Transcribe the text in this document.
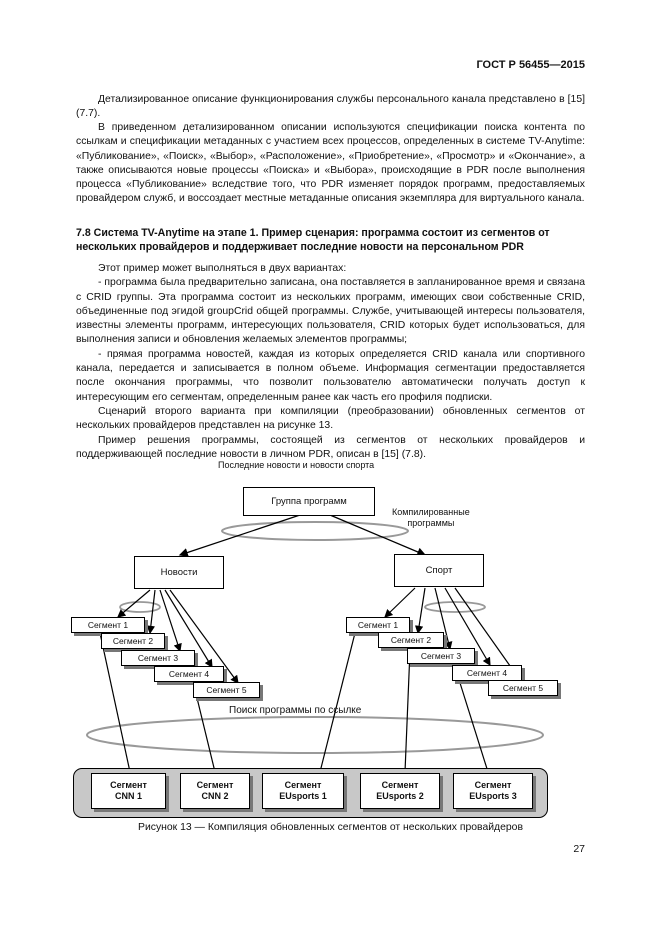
ГОСТ Р 56455—2015

Детализированное описание функционирования службы персонального канала представлено в [15] (7.7).

В приведенном детализированном описании используются спецификации поиска контента по ссылкам и спецификации метаданных с участием всех процессов, определенных в системе TV-Anytime: «Публикование», «Поиск», «Выбор», «Расположение», «Приобретение», «Просмотр» и «Окончание», а также описываются новые процессы «Поиска» и «Выбора», происходящие в PDR после выполнения процесса «Публикование» вследствие того, что PDR изменяет порядок программ, предоставляемых провайдером служб, и воссоздает местные метаданные описания экземпляра для виртуального канала.

7.8 Система TV-Anytime на этапе 1. Пример сценария: программа состоит из сегментов от нескольких провайдеров и поддерживает последние новости на персональном PDR

Этот пример может выполняться в двух вариантах:

- программа была предварительно записана, она поставляется в запланированное время и связана с CRID группы. Эта программа состоит из нескольких программ, имеющих свои собственные CRID, объединенные под эгидой groupCrid общей программы. Службе, учитывающей интересы пользователя, известны элементы программ, интересующих пользователя, CRID которых будет использоваться, для выполнения записи и обновления желаемых элементов программы;

- прямая программа новостей, каждая из которых определяется CRID канала или спортивного канала, передается и записывается в полном объеме. Информация сегментации предоставляется после окончания программы, что позволит пользователю автоматически получать доступ к интересующим его сегментам, определенным ранее как часть его профиля подписки.

Сценарий второго варианта при компиляции (преобразовании) обновленных сегментов от нескольких провайдеров представлен на рисунке 13.

Пример решения программы, состоящей из сегментов от нескольких провайдеров и поддерживающей последние новости в личном PDR, описан в [15] (7.8).

Последние новости и новости спорта
Группа программ
Компилированные
программы
Новости	Спорт
Сегмент 1
Сегмент 2
Сегмент 3
Сегмент 4
Сегмент 5
Сегмент 1
Сегмент 2
Сегмент 3
Сегмент 4
Сегмент 5
Поиск программы по ссылке
Сегмент
CNN 1
Сегмент
CNN 2
Сегмент
EUsports 1
Сегмент
EUsports 2
Сегмент
EUsports 3
Рисунок 13 — Компиляция обновленных сегментов от нескольких провайдеров
27
